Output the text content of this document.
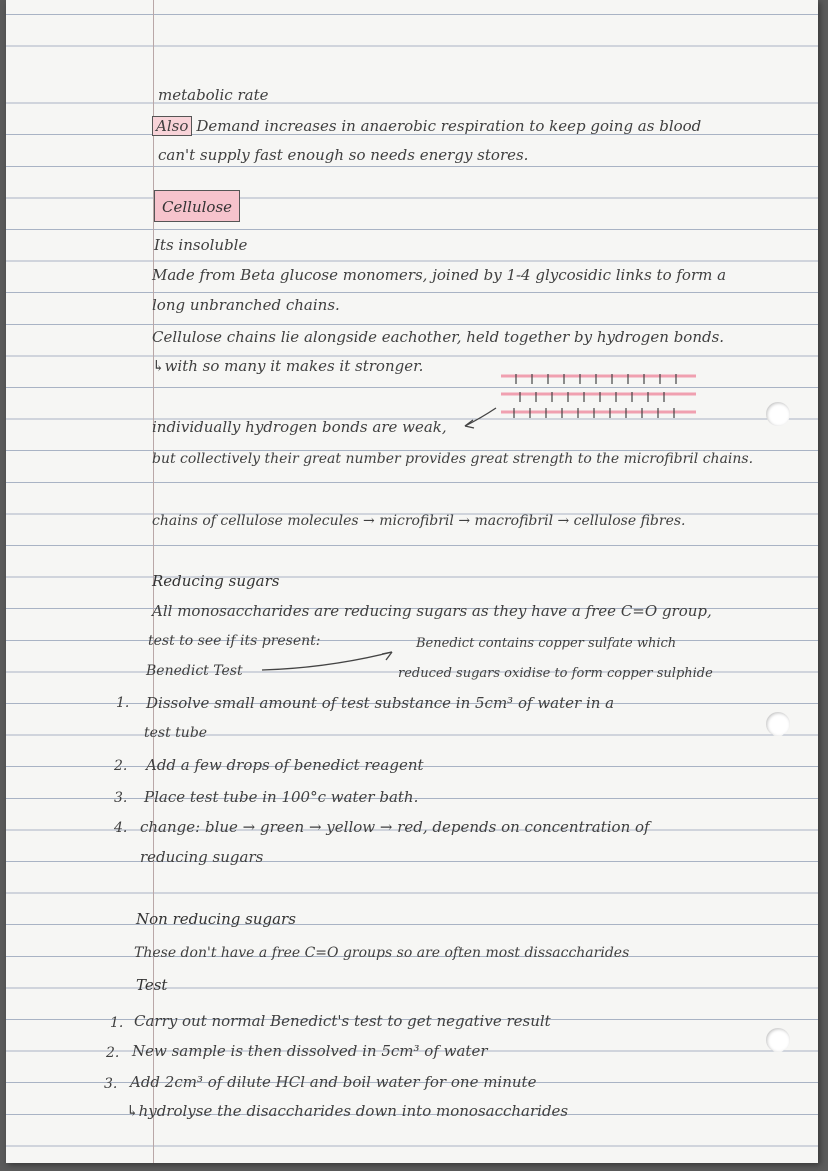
metabolic rate
Also Demand increases in anaerobic respiration to keep going as blood
can't supply fast enough so needs energy stores.
Cellulose
Its insoluble
Made from Beta glucose monomers, joined by 1-4 glycosidic links to form a
long unbranched chains.
Cellulose chains lie alongside eachother, held together by hydrogen bonds.
↳with so many it makes it stronger.
individually hydrogen bonds are weak,
but collectively their great number provides great strength to the microfibril chains.
chains of cellulose molecules → microfibril → macrofibril → cellulose fibres.
Reducing sugars
All monosaccharides are reducing sugars as they have a free C=O group,
test to see if its present:	Benedict contains copper sulfate which
Benedict Test	reduced sugars oxidise to form copper sulphide
1. Dissolve small amount of test substance in 5cm³ of water in a
test tube
2. Add a few drops of benedict reagent
3. Place test tube in 100°c water bath.
4. change: blue → green → yellow → red, depends on concentration of
reducing sugars
Non reducing sugars
These don't have a free C=O groups so are often most dissaccharides
Test
1. Carry out normal Benedict's test to get negative result
2. New sample is then dissolved in 5cm³ of water
3. Add 2cm³ of dilute HCl and boil water for one minute
↳hydrolyse the disaccharides down into monosaccharides
